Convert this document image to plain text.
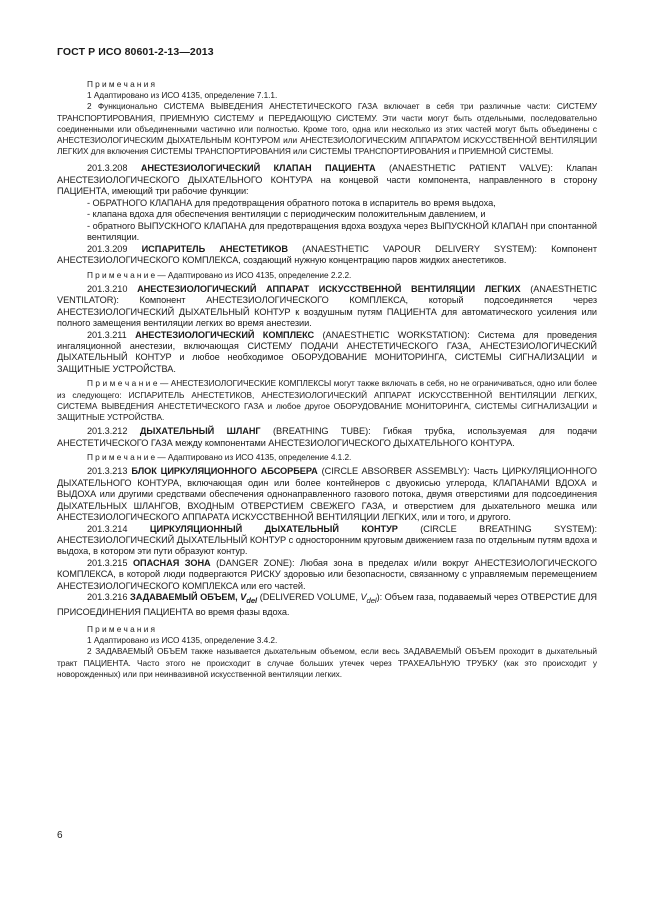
ГОСТ Р ИСО 80601-2-13—2013

П р и м е ч а н и я

1 Адаптировано из ИСО 4135, определение 7.1.1.

2 Функционально СИСТЕМА ВЫВЕДЕНИЯ АНЕСТЕТИЧЕСКОГО ГАЗА включает в себя три различные части: СИСТЕМУ ТРАНСПОРТИРОВАНИЯ, ПРИЕМНУЮ СИСТЕМУ и ПЕРЕДАЮЩУЮ СИСТЕМУ. Эти части могут быть отдельными, последовательно соединенными или объединенными частично или полностью. Кроме того, одна или несколько из этих частей могут быть объединены с АНЕСТЕЗИОЛОГИЧЕСКИМ ДЫХАТЕЛЬНЫМ КОНТУРОМ или АНЕСТЕЗИОЛОГИЧЕСКИМ АППАРАТОМ ИСКУССТВЕННОЙ ВЕНТИЛЯЦИИ ЛЕГКИХ для включения СИСТЕМЫ ТРАНСПОРТИРОВАНИЯ или СИСТЕМЫ ТРАНСПОРТИРОВАНИЯ и ПРИЕМНОЙ СИСТЕМЫ.

201.3.208 АНЕСТЕЗИОЛОГИЧЕСКИЙ КЛАПАН ПАЦИЕНТА (ANAESTHETIC PATIENT VALVE): Клапан АНЕСТЕЗИОЛОГИЧЕСКОГО ДЫХАТЕЛЬНОГО КОНТУРА на концевой части компонента, направленного в сторону ПАЦИЕНТА, имеющий три рабочие функции:

- ОБРАТНОГО КЛАПАНА для предотвращения обратного потока в испаритель во время выдоха,

- клапана вдоха для обеспечения вентиляции с периодическим положительным давлением, и

- обратного ВЫПУСКНОГО КЛАПАНА для предотвращения вдоха воздуха через ВЫПУСКНОЙ КЛАПАН при спонтанной вентиляции.

201.3.209 ИСПАРИТЕЛЬ АНЕСТЕТИКОВ (ANAESTHETIC VAPOUR DELIVERY SYSTEM): Компонент АНЕСТЕЗИОЛОГИЧЕСКОГО КОМПЛЕКСА, создающий нужную концентрацию паров жидких анестетиков.

П р и м е ч а н и е — Адаптировано из ИСО 4135, определение 2.2.2.

201.3.210 АНЕСТЕЗИОЛОГИЧЕСКИЙ АППАРАТ ИСКУССТВЕННОЙ ВЕНТИЛЯЦИИ ЛЕГКИХ (ANAESTHETIC VENTILATOR): Компонент АНЕСТЕЗИОЛОГИЧЕСКОГО КОМПЛЕКСА, который подсоединяется через АНЕСТЕЗИОЛОГИЧЕСКИЙ ДЫХАТЕЛЬНЫЙ КОНТУР к воздушным путям ПАЦИЕНТА для автоматического усиления или полного замещения вентиляции легких во время анестезии.

201.3.211 АНЕСТЕЗИОЛОГИЧЕСКИЙ КОМПЛЕКС (ANAESTHETIC WORKSTATION): Система для проведения ингаляционной анестезии, включающая СИСТЕМУ ПОДАЧИ АНЕСТЕТИЧЕСКОГО ГАЗА, АНЕСТЕЗИОЛОГИЧЕСКИЙ ДЫХАТЕЛЬНЫЙ КОНТУР и любое необходимое ОБОРУДОВАНИЕ МОНИТОРИНГА, СИСТЕМЫ СИГНАЛИЗАЦИИ и ЗАЩИТНЫЕ УСТРОЙСТВА.

П р и м е ч а н и е — АНЕСТЕЗИОЛОГИЧЕСКИЕ КОМПЛЕКСЫ могут также включать в себя, но не ограничиваться, одно или более из следующего: ИСПАРИТЕЛЬ АНЕСТЕТИКОВ, АНЕСТЕЗИОЛОГИЧЕСКИЙ АППАРАТ ИСКУССТВЕННОЙ ВЕНТИЛЯЦИИ ЛЕГКИХ, СИСТЕМА ВЫВЕДЕНИЯ АНЕСТЕТИЧЕСКОГО ГАЗА и любое другое ОБОРУДОВАНИЕ МОНИТОРИНГА, СИСТЕМЫ СИГНАЛИЗАЦИИ и ЗАЩИТНЫЕ УСТРОЙСТВА.

201.3.212 ДЫХАТЕЛЬНЫЙ ШЛАНГ (BREATHING TUBE): Гибкая трубка, используемая для подачи АНЕСТЕТИЧЕСКОГО ГАЗА между компонентами АНЕСТЕЗИОЛОГИЧЕСКОГО ДЫХАТЕЛЬНОГО КОНТУРА.

П р и м е ч а н и е — Адаптировано из ИСО 4135, определение 4.1.2.

201.3.213 БЛОК ЦИРКУЛЯЦИОННОГО АБСОРБЕРА (CIRCLE ABSORBER ASSEMBLY): Часть ЦИРКУЛЯЦИОННОГО ДЫХАТЕЛЬНОГО КОНТУРА, включающая один или более контейнеров с двуокисью углерода, КЛАПАНАМИ ВДОХА и ВЫДОХА или другими средствами обеспечения однонаправленного газового потока, двумя отверстиями для подсоединения ДЫХАТЕЛЬНЫХ ШЛАНГОВ, ВХОДНЫМ ОТВЕРСТИЕМ СВЕЖЕГО ГАЗА, и отверстием для дыхательного мешка или АНЕСТЕЗИОЛОГИЧЕСКОГО АППАРАТА ИСКУССТВЕННОЙ ВЕНТИЛЯЦИИ ЛЕГКИХ, или и того, и другого.

201.3.214 ЦИРКУЛЯЦИОННЫЙ ДЫХАТЕЛЬНЫЙ КОНТУР (CIRCLE BREATHING SYSTEM): АНЕСТЕЗИОЛОГИЧЕСКИЙ ДЫХАТЕЛЬНЫЙ КОНТУР с односторонним круговым движением газа по отдельным путям вдоха и выдоха, в котором эти пути образуют контур.

201.3.215 ОПАСНАЯ ЗОНА (DANGER ZONE): Любая зона в пределах и/или вокруг АНЕСТЕЗИОЛОГИЧЕСКОГО КОМПЛЕКСА, в которой люди подвергаются РИСКУ здоровью или безопасности, связанному с управляемым перемещением АНЕСТЕЗИОЛОГИЧЕСКОГО КОМПЛЕКСА или его частей.

201.3.216 ЗАДАВАЕМЫЙ ОБЪЕМ, $V_{del}$ (DELIVERED VOLUME, $V_{del}$): Объем газа, подаваемый через ОТВЕРСТИЕ ДЛЯ ПРИСОЕДИНЕНИЯ ПАЦИЕНТА во время фазы вдоха.

П р и м е ч а н и я

1 Адаптировано из ИСО 4135, определение 3.4.2.

2 ЗАДАВАЕМЫЙ ОБЪЕМ также называется дыхательным объемом, если весь ЗАДАВАЕМЫЙ ОБЪЕМ проходит в дыхательный тракт ПАЦИЕНТА. Часто этого не происходит в случае больших утечек через ТРАХЕАЛЬНУЮ ТРУБКУ (как это происходит у новорожденных) или при неинвазивной искусственной вентиляции легких.

6
